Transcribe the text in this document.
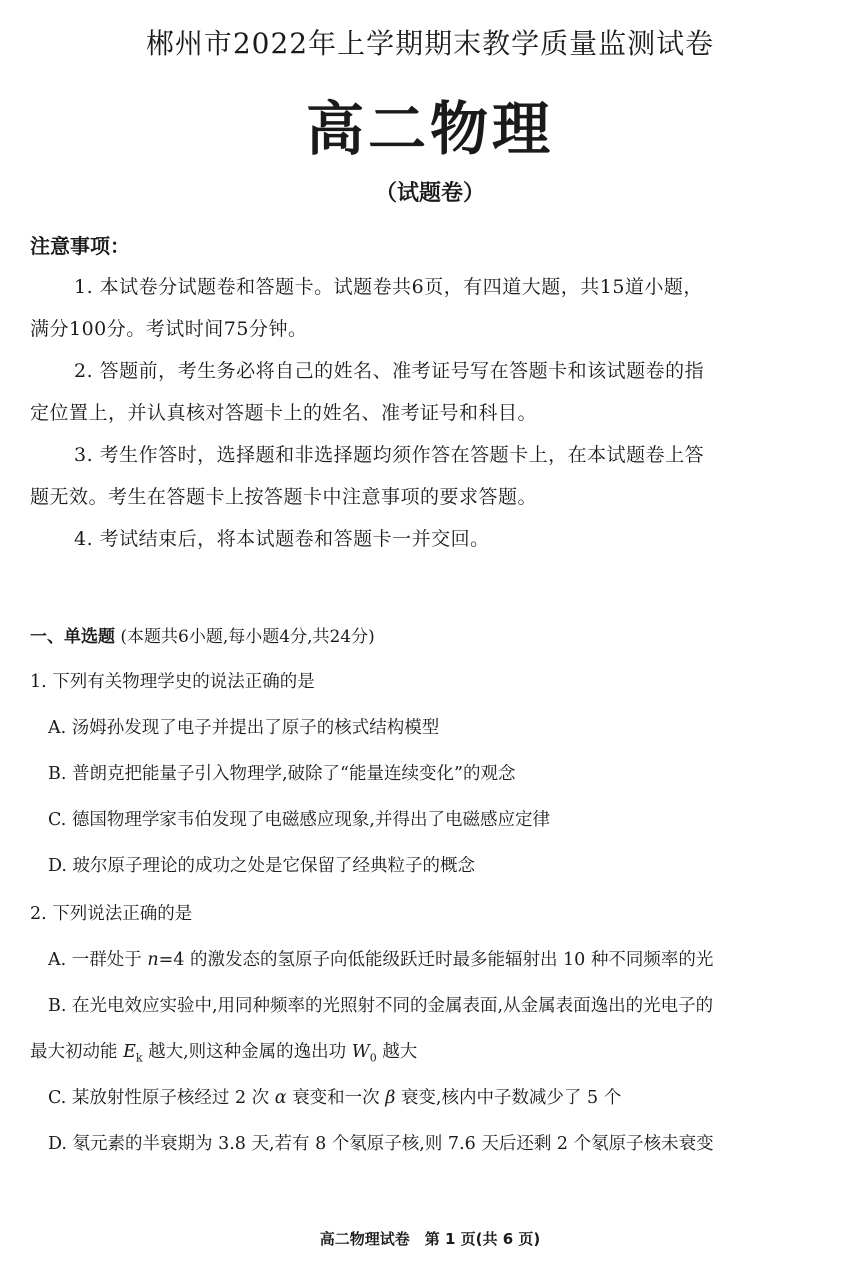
郴州市2022年上学期期末教学质量监测试卷
高二物理
（试题卷）
注意事项：
1. 本试卷分试题卷和答题卡。试题卷共6页，有四道大题，共15道小题，
满分100分。考试时间75分钟。
2. 答题前，考生务必将自己的姓名、准考证号写在答题卡和该试题卷的指
定位置上，并认真核对答题卡上的姓名、准考证号和科目。
3. 考生作答时，选择题和非选择题均须作答在答题卡上，在本试题卷上答
题无效。考生在答题卡上按答题卡中注意事项的要求答题。
4. 考试结束后，将本试题卷和答题卡一并交回。
一、单选题 (本题共6小题,每小题4分,共24分)
1. 下列有关物理学史的说法正确的是
A. 汤姆孙发现了电子并提出了原子的核式结构模型
B. 普朗克把能量子引入物理学,破除了“能量连续变化”的观念
C. 德国物理学家韦伯发现了电磁感应现象,并得出了电磁感应定律
D. 玻尔原子理论的成功之处是它保留了经典粒子的概念
2. 下列说法正确的是
A. 一群处于 n=4 的激发态的氢原子向低能级跃迁时最多能辐射出 10 种不同频率的光
B. 在光电效应实验中,用同种频率的光照射不同的金属表面,从金属表面逸出的光电子的
最大初动能 $E_k$ 越大,则这种金属的逸出功 $W_0$ 越大
C. 某放射性原子核经过 2 次 α 衰变和一次 β 衰变,核内中子数减少了 5 个
D. 氡元素的半衰期为 3.8 天,若有 8 个氡原子核,则 7.6 天后还剩 2 个氡原子核未衰变
高二物理试卷　第 1 页(共 6 页)
